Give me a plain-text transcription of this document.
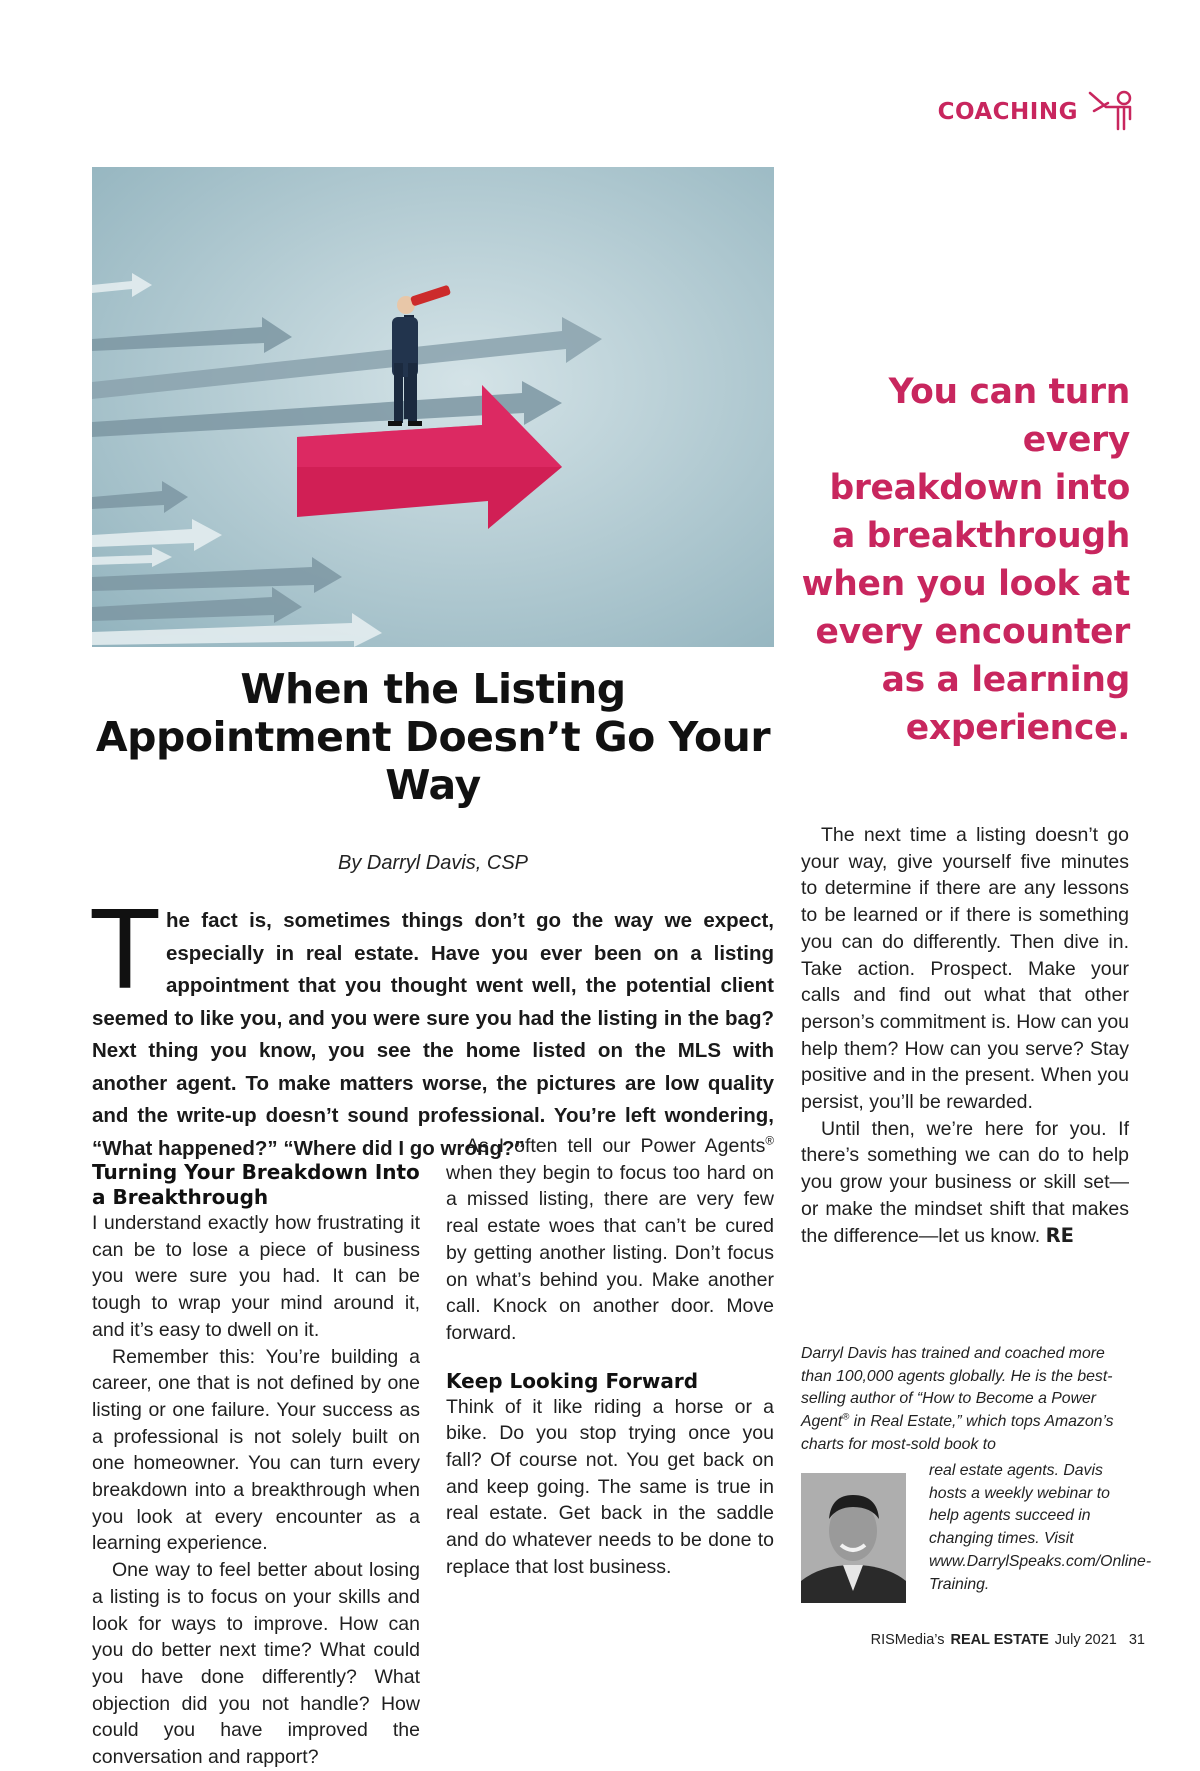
COACHING
When the Listing Appointment Doesn’t Go Your Way
By Darryl Davis, CSP

The fact is, sometimes things don’t go the way we expect, especially in real estate. Have you ever been on a listing appointment that you thought went well, the potential client seemed to like you, and you were sure you had the listing in the bag? Next thing you know, you see the home listed on the MLS with another agent. To make matters worse, the pictures are low quality and the write-up doesn’t sound professional. You’re left wondering, “What happened?” “Where did I go wrong?”

Turning Your Breakdown Into a Breakthrough

I understand exactly how frustrating it can be to lose a piece of business you were sure you had. It can be tough to wrap your mind around it, and it’s easy to dwell on it.

Remember this: You’re building a career, one that is not defined by one listing or one failure. Your success as a professional is not solely built on one homeowner. You can turn every breakdown into a breakthrough when you look at every encounter as a learning experience.

One way to feel better about losing a listing is to focus on your skills and look for ways to improve. How can you do better next time? What could you have done differently? What objection did you not handle? How could you have improved the conversation and rapport?

As I often tell our Power Agents® when they begin to focus too hard on a missed listing, there are very few real estate woes that can’t be cured by getting another listing. Don’t focus on what’s behind you. Make another call. Knock on another door. Move forward.

Keep Looking Forward

Think of it like riding a horse or a bike. Do you stop trying once you fall? Of course not. You get back on and keep going. The same is true in real estate. Get back in the saddle and do whatever needs to be done to replace that lost business.

You can turn every breakdown into a breakthrough when you look at every encounter as a learning experience.

The next time a listing doesn’t go your way, give yourself five minutes to determine if there are any lessons to be learned or if there is something you can do differently. Then dive in. Take action. Prospect. Make your calls and find out what that other person’s commitment is. How can you help them? How can you serve? Stay positive and in the present. When you persist, you’ll be rewarded.

Until then, we’re here for you. If there’s something we can do to help you grow your business or skill set—or make the mindset shift that makes the difference—let us know. RE

Darryl Davis has trained and coached more than 100,000 agents globally. He is the best-selling author of “How to Become a Power Agent® in Real Estate,” which tops Amazon’s charts for most-sold book to
real estate agents. Davis hosts a weekly webinar to help agents succeed in changing times. Visit www.DarrylSpeaks.com/Online-Training.
RISMedia’s REAL ESTATE July 2021 31
